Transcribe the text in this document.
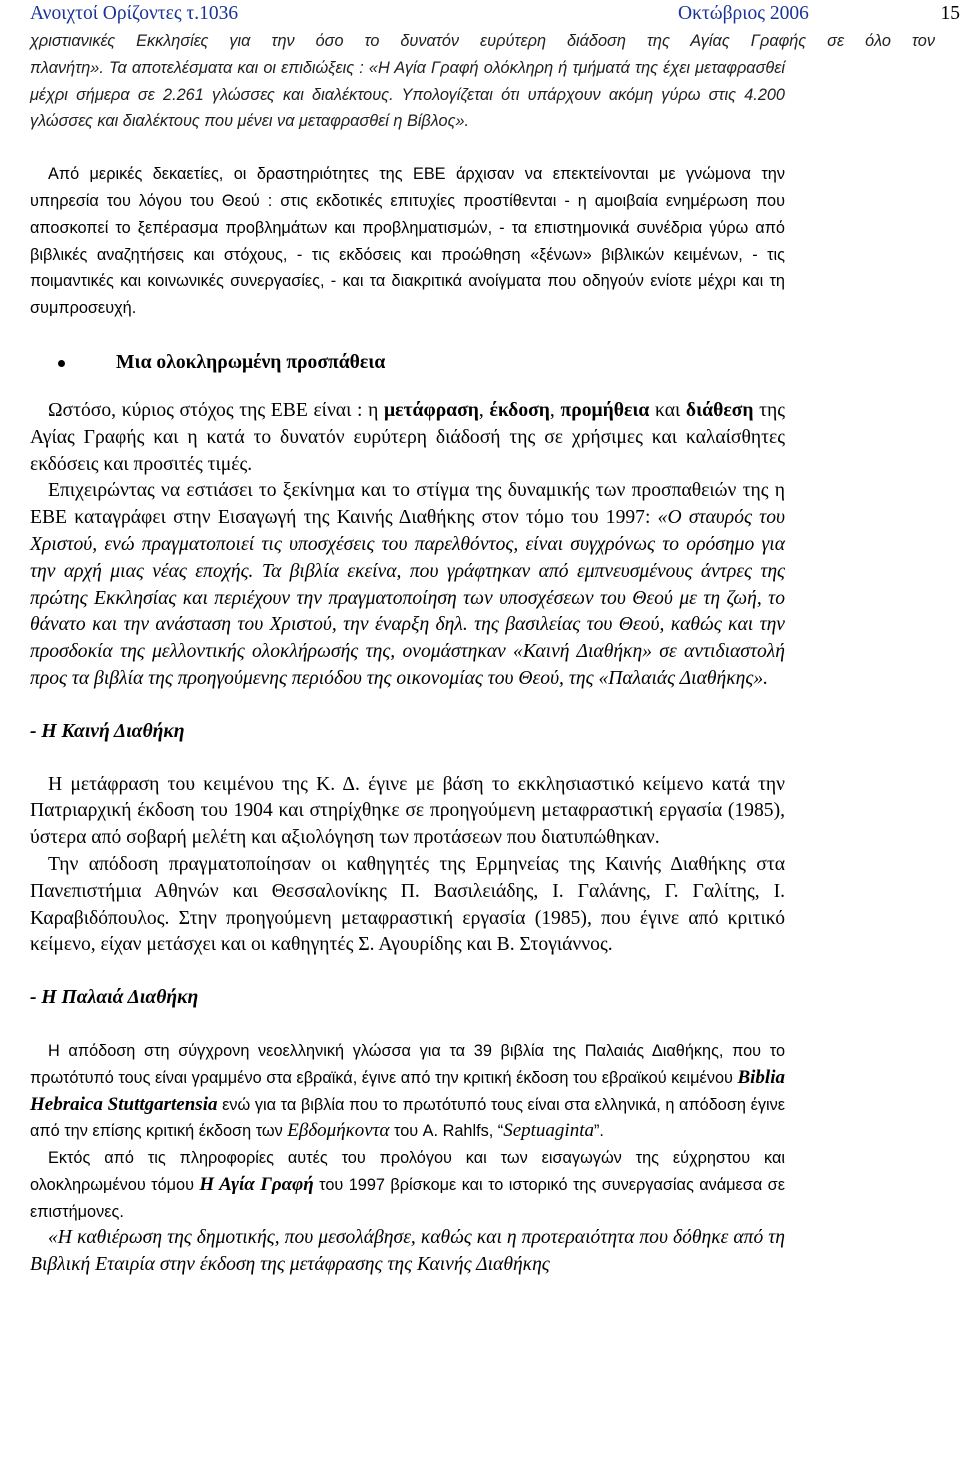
Ανοιχτοί Ορίζοντες τ.1036	Οκτώβριος 2006	15

χριστιανικές Εκκλησίες για την όσο το δυνατόν ευρύτερη διάδοση της Αγίας Γραφής σε όλο τον

πλανήτη». Τα αποτελέσματα και οι επιδιώξεις : «Η Αγία Γραφή ολόκληρη ή τμήματά της έχει μεταφρασθεί μέχρι σήμερα σε 2.261 γλώσσες και διαλέκτους. Υπολογίζεται ότι υπάρχουν ακόμη γύρω στις 4.200 γλώσσες και διαλέκτους που μένει να μεταφρασθεί η Βίβλος».

Από μερικές δεκαετίες, οι δραστηριότητες της ΕΒΕ άρχισαν να επεκτείνονται με γνώμονα την υπηρεσία του λόγου του Θεού : στις εκδοτικές επιτυχίες προστίθενται - η αμοιβαία ενημέρωση που αποσκοπεί το ξεπέρασμα προβλημάτων και προβληματισμών, - τα επιστημονικά συνέδρια γύρω από βιβλικές αναζητήσεις και στόχους, - τις εκδόσεις και προώθηση «ξένων» βιβλικών κειμένων, - τις ποιμαντικές και κοινωνικές συνεργασίες, - και τα διακριτικά ανοίγματα που οδηγούν ενίοτε μέχρι και τη συμπροσευχή.

Μια ολοκληρωμένη προσπάθεια

Ωστόσο, κύριος στόχος της ΕΒΕ είναι : η μετάφραση, έκδοση, προμήθεια και διάθεση της Αγίας Γραφής και η κατά το δυνατόν ευρύτερη διάδοσή της σε χρήσιμες και καλαίσθητες εκδόσεις και προσιτές τιμές.

Επιχειρώντας να εστιάσει το ξεκίνημα και το στίγμα της δυναμικής των προσπαθειών της η ΕΒΕ καταγράφει στην Εισαγωγή της Καινής Διαθήκης στον τόμο του 1997: «Ο σταυρός του Χριστού, ενώ πραγματοποιεί τις υποσχέσεις του παρελθόντος, είναι συγχρόνως το ορόσημο για την αρχή μιας νέας εποχής. Τα βιβλία εκείνα, που γράφτηκαν από εμπνευσμένους άντρες της πρώτης Εκκλησίας και περιέχουν την πραγματοποίηση των υποσχέσεων του Θεού με τη ζωή, το θάνατο και την ανάσταση του Χριστού, την έναρξη δηλ. της βασιλείας του Θεού, καθώς και την προσδοκία της μελλοντικής ολοκλήρωσής της, ονομάστηκαν «Καινή Διαθήκη» σε αντιδιαστολή προς τα βιβλία της προηγούμενης περιόδου της οικονομίας του Θεού, της «Παλαιάς Διαθήκης».

- Η Καινή Διαθήκη

Η μετάφραση του κειμένου της Κ. Δ. έγινε με βάση το εκκλησιαστικό κείμενο κατά την Πατριαρχική έκδοση του 1904 και στηρίχθηκε σε προηγούμενη μεταφραστική εργασία (1985), ύστερα από σοβαρή μελέτη και αξιολόγηση των προτάσεων που διατυπώθηκαν.

Την απόδοση πραγματοποίησαν οι καθηγητές της Ερμηνείας της Καινής Διαθήκης στα Πανεπιστήμια Αθηνών και Θεσσαλονίκης Π. Βασιλειάδης, Ι. Γαλάνης, Γ. Γαλίτης, Ι. Καραβιδόπουλος. Στην προηγούμενη μεταφραστική εργασία (1985), που έγινε από κριτικό κείμενο, είχαν μετάσχει και οι καθηγητές Σ. Αγουρίδης και Β. Στογιάννος.

- Η Παλαιά Διαθήκη

Η απόδοση στη σύγχρονη νεοελληνική γλώσσα για τα 39 βιβλία της Παλαιάς Διαθήκης, που το πρωτότυπό τους είναι γραμμένο στα εβραϊκά, έγινε από την κριτική έκδοση του εβραϊκού κειμένου Biblia Hebraica Stuttgartensia ενώ για τα βιβλία που το πρωτότυπό τους είναι στα ελληνικά, η απόδοση έγινε από την επίσης κριτική έκδοση των Εβδομήκοντα του A. Rahlfs, “Septuaginta”.

Εκτός από τις πληροφορίες αυτές του προλόγου και των εισαγωγών της εύχρηστου και ολοκληρωμένου τόμου Η Αγία Γραφή του 1997 βρίσκομε και το ιστορικό της συνεργασίας ανάμεσα σε επιστήμονες.

«Η καθιέρωση της δημοτικής, που μεσολάβησε, καθώς και η προτεραιότητα που δόθηκε από τη Βιβλική Εταιρία στην έκδοση της μετάφρασης της Καινής Διαθήκης
